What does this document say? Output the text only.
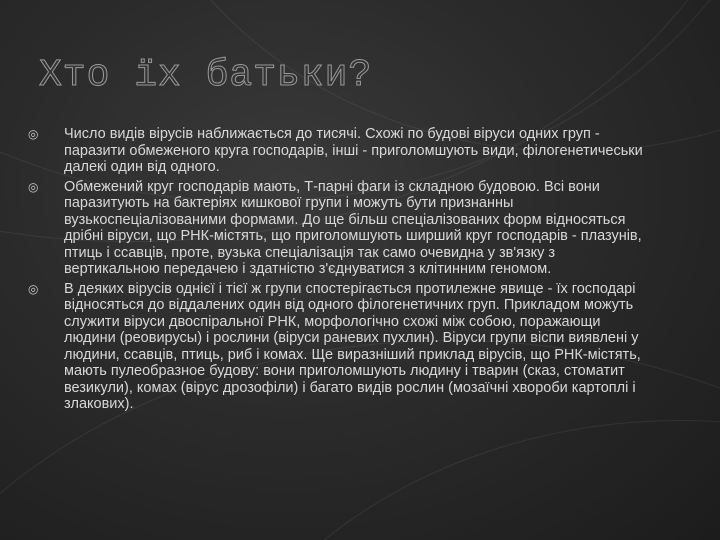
Хто їх батьки?
◎	Число видів вірусів наближається до тисячі. Схожі по будові віруси одних груп - паразити обмеженого круга господарів, інші - приголомшують види, філогенетичеськи далекі один від одного.
◎	Обмежений круг господарів мають, Т-парні фаги із складною будовою. Всі вони паразитують на бактеріях кишкової групи і можуть бути признанны вузькоспеціалізованими формами. До ще більш спеціалізованих форм відносяться дрібні віруси, що РНК-містять, що приголомшують ширший круг господарів - плазунів, птиць і ссавців, проте, вузька спеціалізація так само очевидна у зв'язку з вертикальною передачею і здатністю з'єднуватися з клітинним геномом.
◎	В деяких вірусів однієї і тієї ж групи спостерігається протилежне явище - їх господарі відносяться до віддалених один від одного філогенетичних груп. Прикладом можуть служити віруси двоспіральної РНК, морфологічно схожі між собою, поражающи людини (реовирусы) і рослини (віруси раневих пухлин). Віруси групи віспи виявлені у людини, ссавців, птиць, риб і комах. Ще виразніший приклад вірусів, що РНК-містять, мають пулеобразное будову: вони приголомшують людину і тварин (сказ, стоматит везикули), комах (вірус дрозофіли) і багато видів рослин (мозаїчні хвороби картоплі і злакових).
